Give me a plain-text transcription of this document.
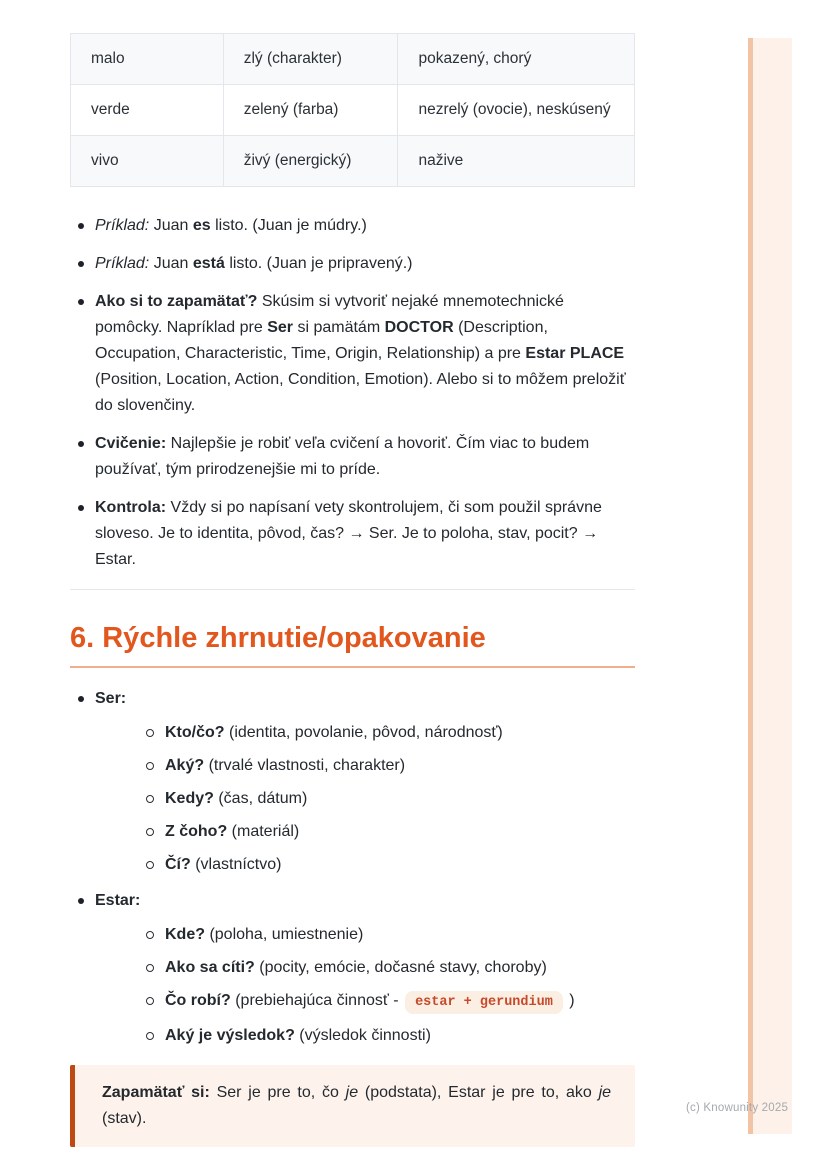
malo	zlý (charakter)	pokazený, chorý
verde	zelený (farba)	nezrelý (ovocie), neskúsený
vivo	živý (energický)	nažive
Príklad: Juan es listo. (Juan je múdry.)
Príklad: Juan está listo. (Juan je pripravený.)
Ako si to zapamätať? Skúsim si vytvoriť nejaké mnemotechnické pomôcky. Napríklad pre Ser si pamätám DOCTOR (Description, Occupation, Characteristic, Time, Origin, Relationship) a pre Estar PLACE (Position, Location, Action, Condition, Emotion). Alebo si to môžem preložiť do slovenčiny.
Cvičenie: Najlepšie je robiť veľa cvičení a hovoriť. Čím viac to budem používať, tým prirodzenejšie mi to príde.
Kontrola: Vždy si po napísaní vety skontrolujem, či som použil správne sloveso. Je to identita, pôvod, čas? → Ser. Je to poloha, stav, pocit? → Estar.
6. Rýchle zhrnutie/opakovanie
Ser:
Kto/čo? (identita, povolanie, pôvod, národnosť)
Aký? (trvalé vlastnosti, charakter)
Kedy? (čas, dátum)
Z čoho? (materiál)
Čí? (vlastníctvo)
Estar:
Kde? (poloha, umiestnenie)
Ako sa cíti? (pocity, emócie, dočasné stavy, choroby)
Čo robí? (prebiehajúca činnosť - estar + gerundium )
Aký je výsledok? (výsledok činnosti)
Zapamätať si: Ser je pre to, čo je (podstata), Estar je pre to, ako je (stav).
(c) Knowunity 2025
